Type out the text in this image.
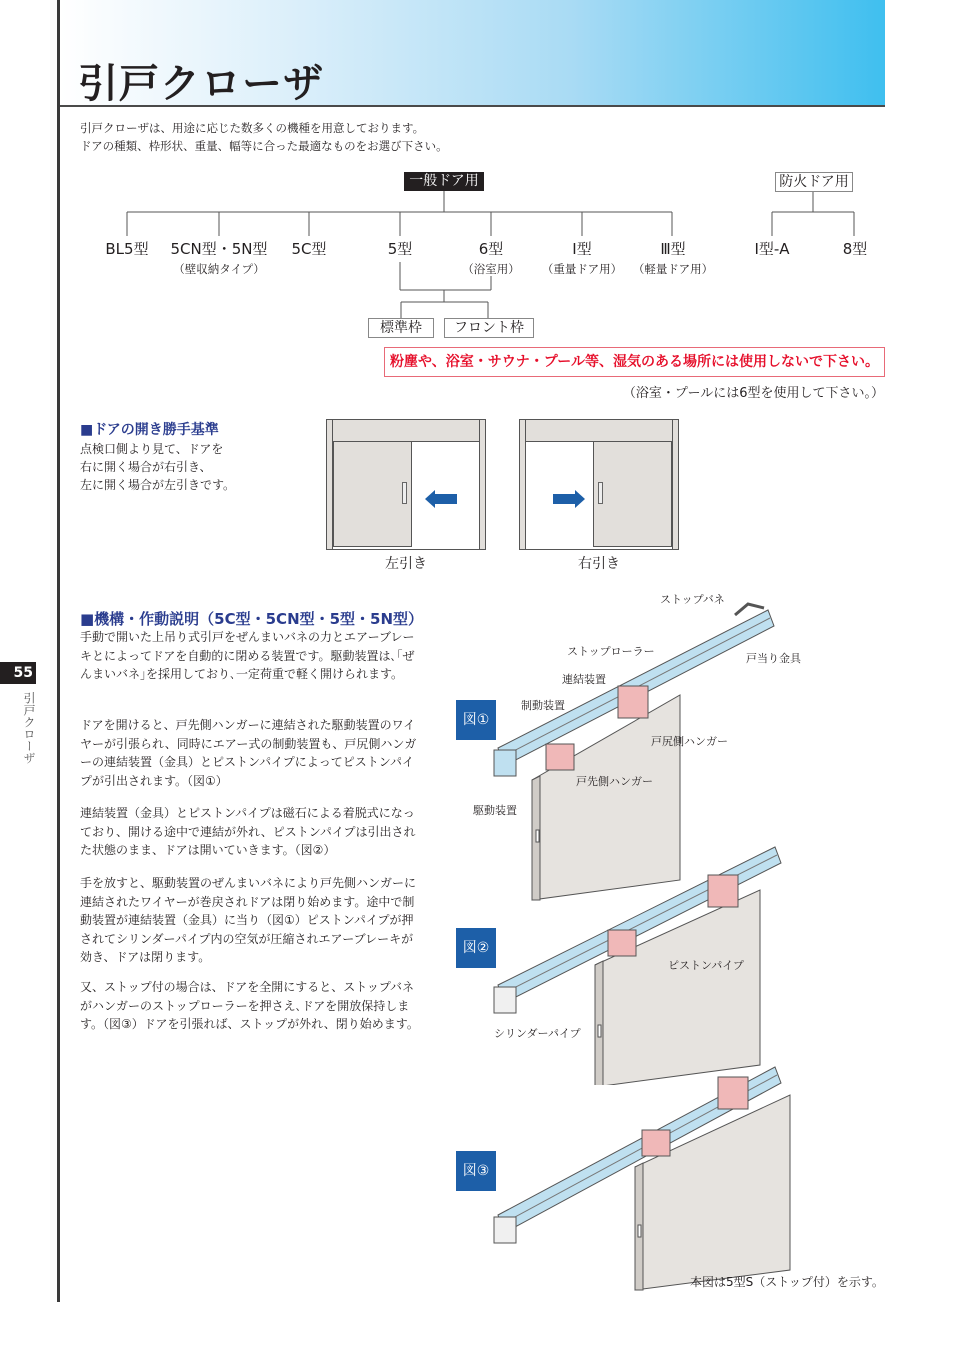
引戸クローザ
引戸クローザは、用途に応じた数多くの機種を用意しております。
ドアの種類、枠形状、重量、幅等に合った最適なものをお選び下さい。
一般ドア用	防火ドア用
BL5型	5CN型・5N型
（壁収納タイプ）
5C型	5型	6型
（浴室用）
Ⅰ型
（重量ドア用）
Ⅲ型
（軽量ドア用）
Ⅰ型-A	8型
標準枠	フロント枠
粉塵や、浴室・サウナ・プール等、湿気のある場所には使用しないで下さい。
（浴室・プールには6型を使用して下さい。）
■ドアの開き勝手基準
点検口側より見て、ドアを
右に開く場合が右引き、
左に開く場合が左引きです。
左引き	右引き
55
引戸クローザ
■機構・作動説明（5C型・5CN型・5型・5N型）

手動で開いた上吊り式引戸をぜんまいバネの力とエアーブレーキとによってドアを自動的に閉める装置です。駆動装置は､｢ぜんまいバネ｣を採用しており､一定荷重で軽く開けられます。

ドアを開けると、戸先側ハンガーに連結された駆動装置のワイヤーが引張られ、同時にエアー式の制動装置も、戸尻側ハンガーの連結装置（金具）とピストンパイプによってピストンパイプが引出されます。（図①）

連結装置（金具）とピストンパイプは磁石による着脱式になっており、開ける途中で連結が外れ、ピストンパイプは引出された状態のまま、ドアは開いていきます。（図②）

手を放すと、駆動装置のぜんまいバネにより戸先側ハンガーに連結されたワイヤーが巻戻されドアは閉り始めます。途中で制動装置が連結装置（金具）に当り（図①）ピストンパイプが押されてシリンダーパイプ内の空気が圧縮されエアーブレーキが効き、ドアは閉ります。

又、ストップ付の場合は、ドアを全開にすると、ストップバネがハンガーのストップローラーを押さえ､ドアを開放保持します。（図③）ドアを引張れば、ストップが外れ、閉り始めます。

図①
図②
図③
ストップバネ
戸当り金具
ストップローラー
連結装置
制動装置
戸尻側ハンガー
戸先側ハンガー
駆動装置
ピストンパイプ
シリンダーパイプ
本図は5型S（ストップ付）を示す。
